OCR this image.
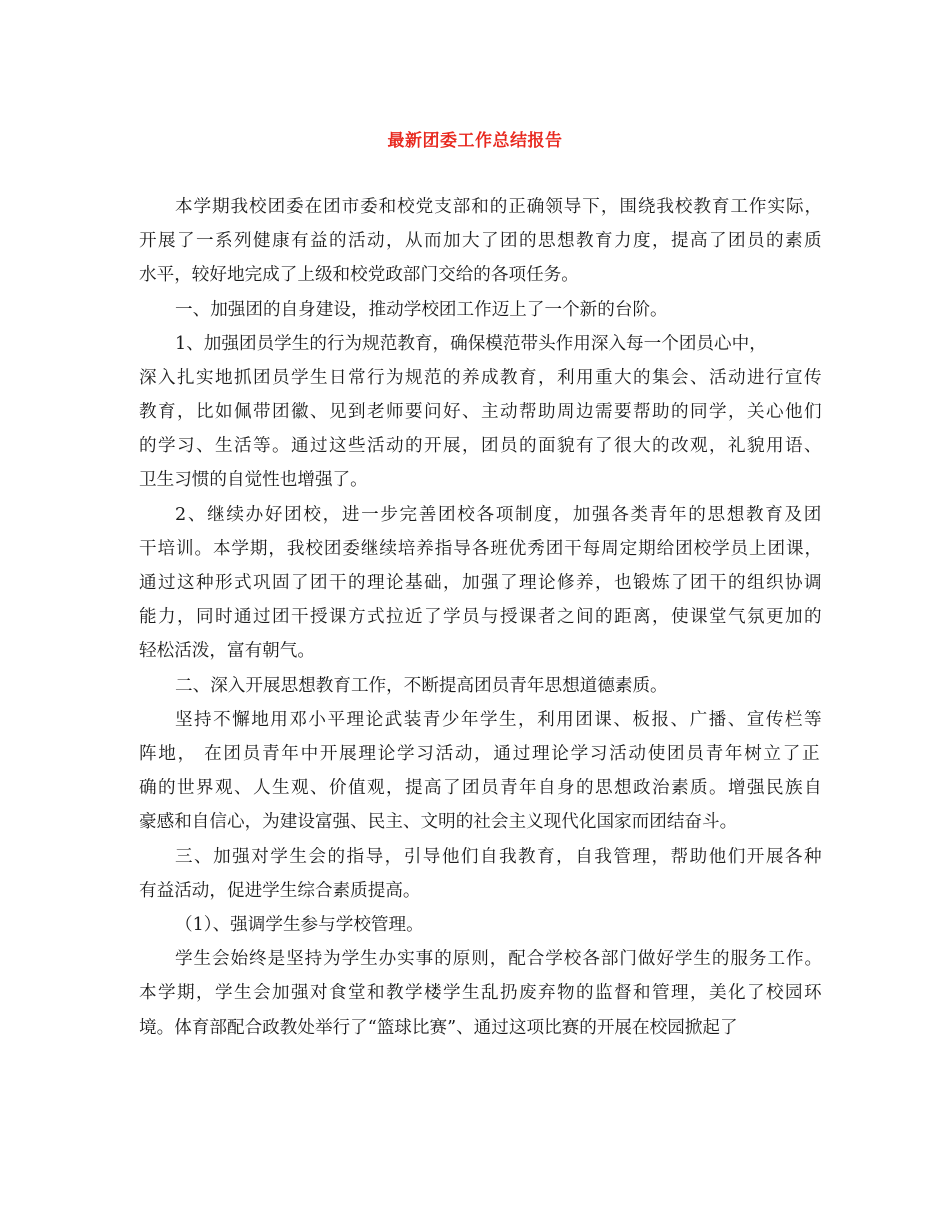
最新团委工作总结报告
本学期我校团委在团市委和校党支部和的正确领导下，围绕我校教育工作实际，
开展了一系列健康有益的活动，从而加大了团的思想教育力度，提高了团员的素质
水平，较好地完成了上级和校党政部门交给的各项任务。
一、加强团的自身建设，推动学校团工作迈上了一个新的台阶。
1、加强团员学生的行为规范教育，确保模范带头作用深入每一个团员心中，
深入扎实地抓团员学生日常行为规范的养成教育，利用重大的集会、活动进行宣传
教育，比如佩带团徽、见到老师要问好、主动帮助周边需要帮助的同学，关心他们
的学习、生活等。通过这些活动的开展，团员的面貌有了很大的改观，礼貌用语、
卫生习惯的自觉性也增强了。
2、继续办好团校，进一步完善团校各项制度，加强各类青年的思想教育及团
干培训。本学期，我校团委继续培养指导各班优秀团干每周定期给团校学员上团课，
通过这种形式巩固了团干的理论基础，加强了理论修养，也锻炼了团干的组织协调
能力，同时通过团干授课方式拉近了学员与授课者之间的距离，使课堂气氛更加的
轻松活泼，富有朝气。
二、深入开展思想教育工作，不断提高团员青年思想道德素质。
坚持不懈地用邓小平理论武装青少年学生，利用团课、板报、广播、宣传栏等
阵地， 在团员青年中开展理论学习活动，通过理论学习活动使团员青年树立了正
确的世界观、人生观、价值观，提高了团员青年自身的思想政治素质。增强民族自
豪感和自信心，为建设富强、民主、文明的社会主义现代化国家而团结奋斗。
三、加强对学生会的指导，引导他们自我教育，自我管理，帮助他们开展各种
有益活动，促进学生综合素质提高。
（1）、强调学生参与学校管理。
学生会始终是坚持为学生办实事的原则，配合学校各部门做好学生的服务工作。
本学期，学生会加强对食堂和教学楼学生乱扔废弃物的监督和管理，美化了校园环
境。体育部配合政教处举行了“篮球比赛”、通过这项比赛的开展在校园掀起了
